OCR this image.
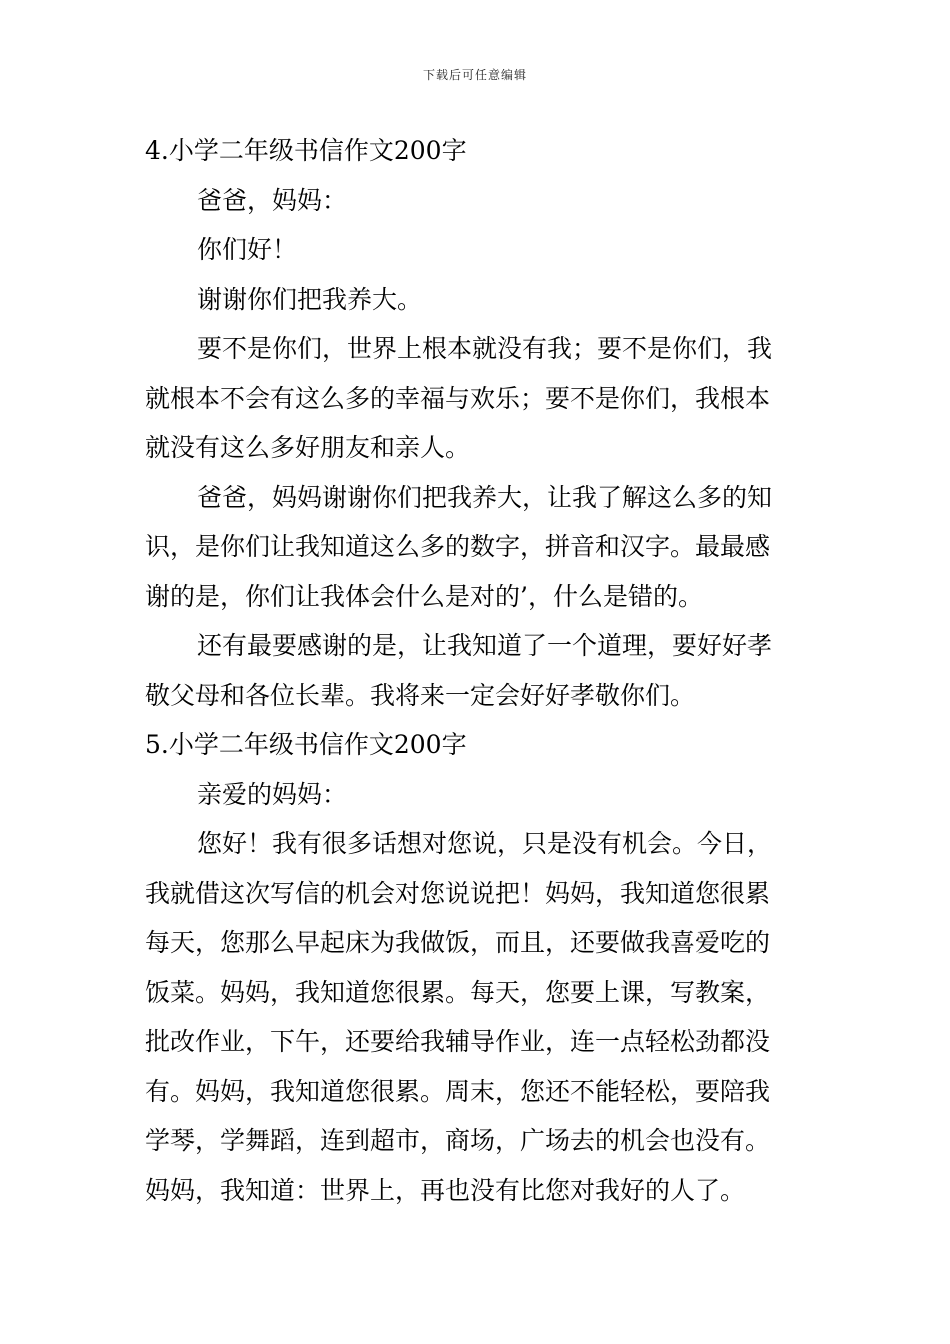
下载后可任意编辑

4.小学二年级书信作文200字

爸爸，妈妈：

你们好！

谢谢你们把我养大。

要不是你们，世界上根本就没有我；要不是你们，我

就根本不会有这么多的幸福与欢乐；要不是你们，我根本

就没有这么多好朋友和亲人。

爸爸，妈妈谢谢你们把我养大，让我了解这么多的知

识，是你们让我知道这么多的数字，拼音和汉字。最最感

谢的是，你们让我体会什么是对的’，什么是错的。

还有最要感谢的是，让我知道了一个道理，要好好孝

敬父母和各位长辈。我将来一定会好好孝敬你们。

5.小学二年级书信作文200字

亲爱的妈妈：

您好！我有很多话想对您说，只是没有机会。今日，

我就借这次写信的机会对您说说把！妈妈，我知道您很累

每天，您那么早起床为我做饭，而且，还要做我喜爱吃的

饭菜。妈妈，我知道您很累。每天，您要上课，写教案，

批改作业，下午，还要给我辅导作业，连一点轻松劲都没

有。妈妈，我知道您很累。周末，您还不能轻松，要陪我

学琴，学舞蹈，连到超市，商场，广场去的机会也没有。

妈妈，我知道：世界上，再也没有比您对我好的人了。
